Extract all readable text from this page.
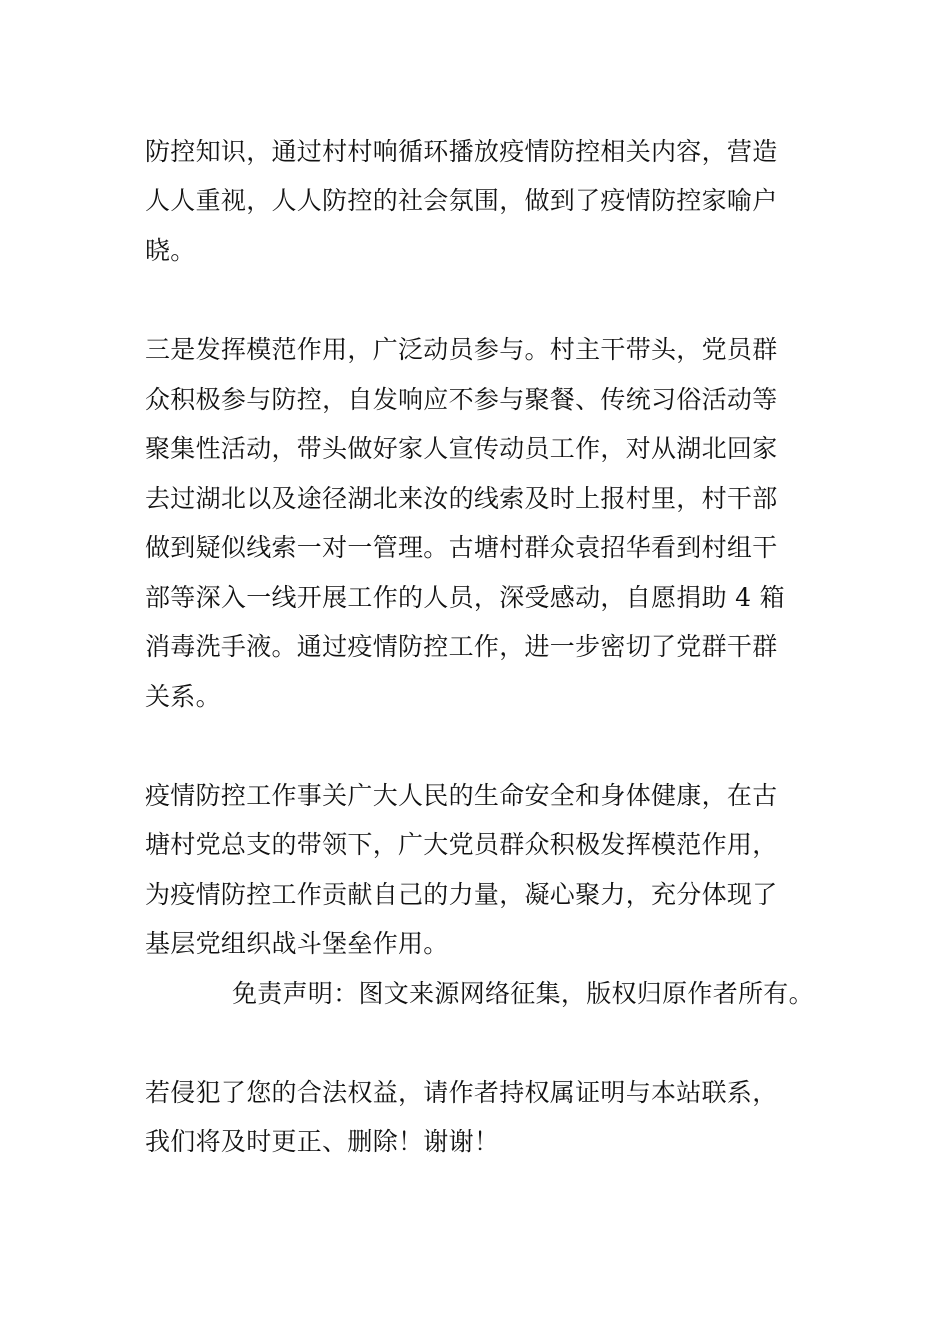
防控知识，通过村村响循环播放疫情防控相关内容，营造
人人重视，人人防控的社会氛围，做到了疫情防控家喻户
晓。
三是发挥模范作用，广泛动员参与。村主干带头，党员群
众积极参与防控，自发响应不参与聚餐、传统习俗活动等
聚集性活动，带头做好家人宣传动员工作，对从湖北回家
去过湖北以及途径湖北来汝的线索及时上报村里，村干部
做到疑似线索一对一管理。古塘村群众袁招华看到村组干
部等深入一线开展工作的人员，深受感动，自愿捐助 4 箱
消毒洗手液。通过疫情防控工作，进一步密切了党群干群
关系。
疫情防控工作事关广大人民的生命安全和身体健康，在古
塘村党总支的带领下，广大党员群众积极发挥模范作用，
为疫情防控工作贡献自己的力量，凝心聚力，充分体现了
基层党组织战斗堡垒作用。
免责声明：图文来源网络征集，版权归原作者所有。
若侵犯了您的合法权益，请作者持权属证明与本站联系，
我们将及时更正、删除！谢谢！
